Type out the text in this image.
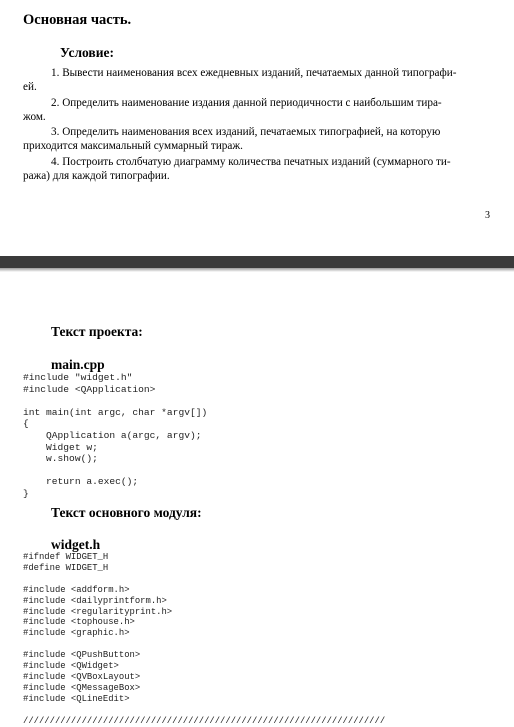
Основная часть.
Условие:
1. Вывести наименования всех ежедневных изданий, печатаемых данной типографи-
ей.
2. Определить наименование издания данной периодичности с наибольшим тира-
жом.
3. Определить наименования всех изданий, печатаемых типографией, на которую
приходится максимальный суммарный тираж.
4. Построить столбчатую диаграмму количества печатных изданий (суммарного ти-
ража) для каждой типографии.
3
Текст проекта:
main.cpp
#include "widget.h"
#include <QApplication>

int main(int argc, char *argv[])
{
QApplication a(argc, argv);
Widget w;
w.show();

return a.exec();
}
Текст основного модуля:
widget.h
#ifndef WIDGET_H
#define WIDGET_H

#include <addform.h>
#include <dailyprintform.h>
#include <regularityprint.h>
#include <tophouse.h>
#include <graphic.h>

#include <QPushButton>
#include <QWidget>
#include <QVBoxLayout>
#include <QMessageBox>
#include <QLineEdit>

////////////////////////////////////////////////////////////////////
